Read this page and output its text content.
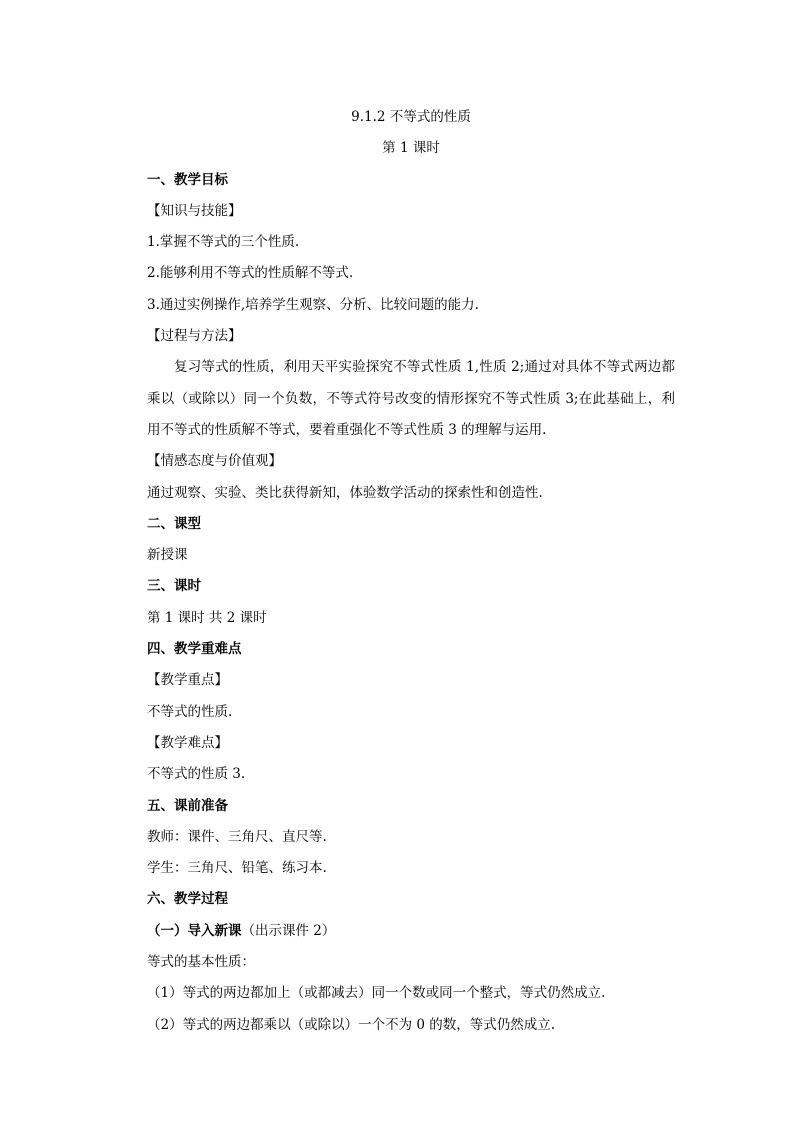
9.1.2 不等式的性质
第 1 课时
一、教学目标
【知识与技能】
1.掌握不等式的三个性质.
2.能够利用不等式的性质解不等式.
3.通过实例操作,培养学生观察、分析、比较问题的能力.
【过程与方法】
复习等式的性质，利用天平实验探究不等式性质 1,性质 2;通过对具体不等式两边都乘以（或除以）同一个负数，不等式符号改变的情形探究不等式性质 3;在此基础上，利用不等式的性质解不等式，要着重强化不等式性质 3 的理解与运用.
【情感态度与价值观】
通过观察、实验、类比获得新知，体验数学活动的探索性和创造性.
二、课型
新授课
三、课时
第 1 课时 共 2 课时
四、教学重难点
【教学重点】
不等式的性质.
【教学难点】
不等式的性质 3.
五、课前准备
教师：课件、三角尺、直尺等.
学生：三角尺、铅笔、练习本.
六、教学过程
（一）导入新课（出示课件 2）
等式的基本性质：
（1）等式的两边都加上（或都减去）同一个数或同一个整式，等式仍然成立.
（2）等式的两边都乘以（或除以）一个不为 0 的数，等式仍然成立.
